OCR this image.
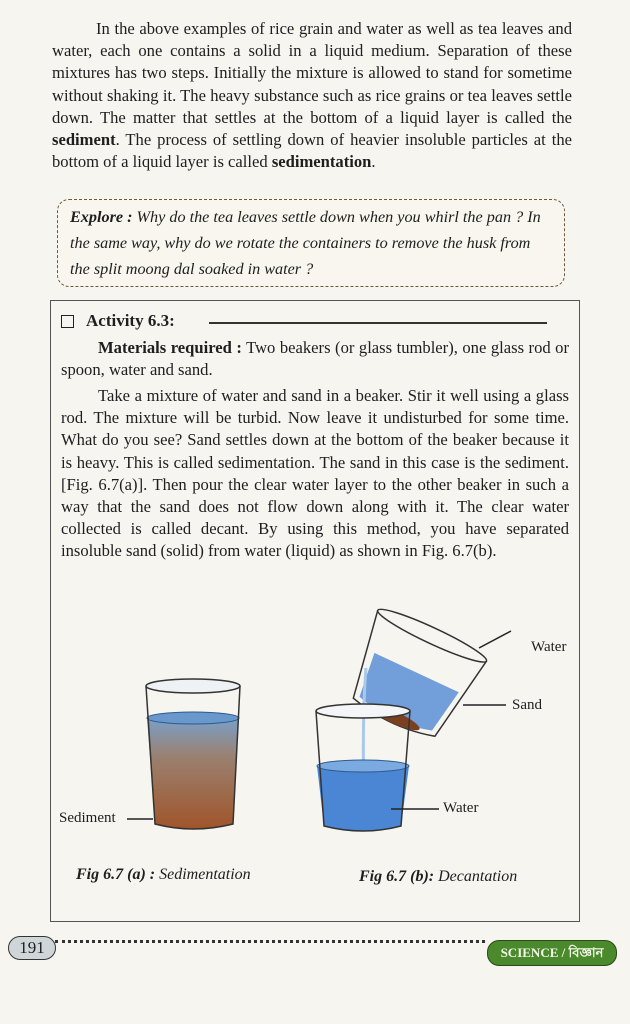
In the above examples of rice grain and water as well as tea leaves and water, each one contains a solid in a liquid medium. Separation of these mixtures has two steps. Initially the mixture is allowed to stand for sometime without shaking it. The heavy substance such as rice grains or tea leaves settle down. The matter that settles at the bottom of a liquid layer is called the sediment. The process of settling down of heavier insoluble particles at the bottom of a liquid layer is called sedimentation.

Explore : Why do the tea leaves settle down when you whirl the pan ? In the same way, why do we rotate the containers to remove the husk from the split moong dal soaked in water ?

Activity 6.3:

Materials required : Two beakers (or glass tumbler), one glass rod or spoon, water and sand.

Take a mixture of water and sand in a beaker. Stir it well using a glass rod. The mixture will be turbid. Now leave it undisturbed for some time. What do you see? Sand settles down at the bottom of the beaker because it is heavy. This is called sedimentation. The sand in this case is the sediment. [Fig. 6.7(a)]. Then pour the clear water layer to the other beaker in such a way that the sand does not flow down along with it. The clear water collected is called decant. By using this method, you have separated insoluble sand (solid) from water (liquid) as shown in Fig. 6.7(b).

Sediment
Water
Sand
Water
Fig 6.7 (a) : Sedimentation	Fig 6.7 (b): Decantation
191	SCIENCE / বিজ্ঞান
